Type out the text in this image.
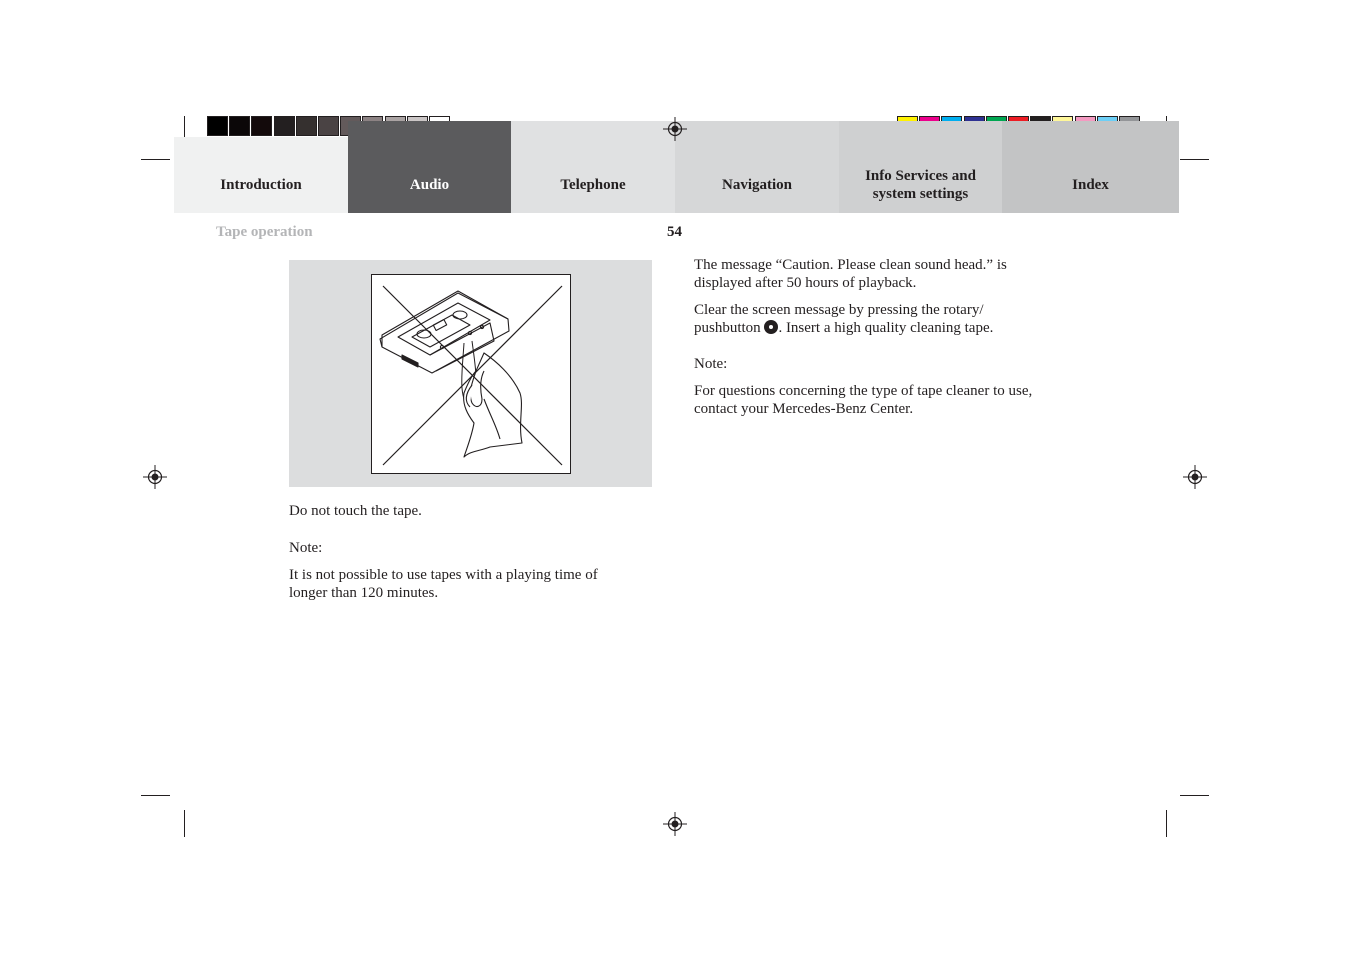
Introduction	Audio	Telephone	Navigation
Info Services and system settings
Index
Tape operation	54

Do not touch the tape.

Note:

It is not possible to use tapes with a playing time of longer than 120 minutes.

The message “Caution. Please clean sound head.” is displayed after 50 hours of playback.

Clear the screen message by pressing the rotary/ pushbutton . Insert a high quality cleaning tape.

Note:

For questions concerning the type of tape cleaner to use, contact your Mercedes-Benz Center.
